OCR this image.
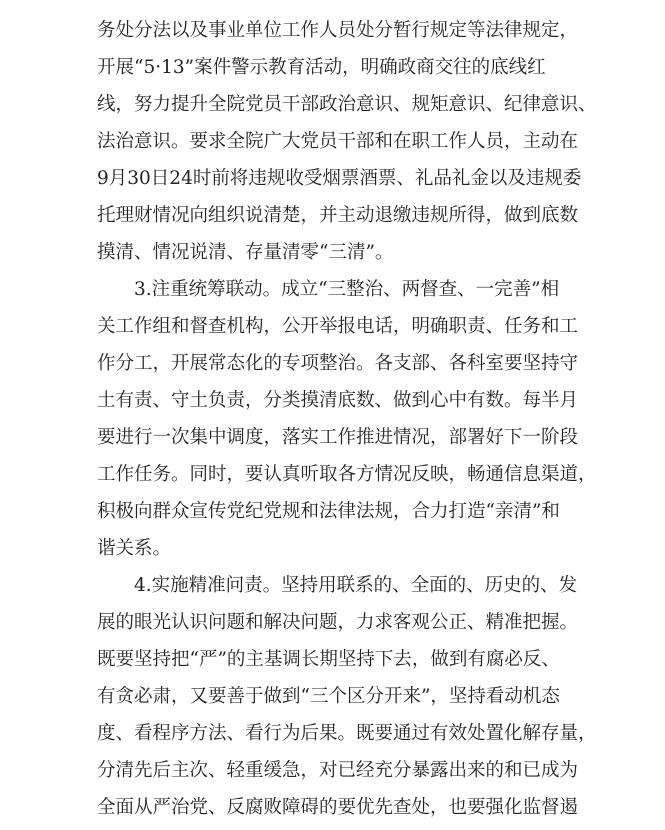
务处分法以及事业单位工作人员处分暂行规定等法律规定，
开展“5·13”案件警示教育活动，明确政商交往的底线红
线，努力提升全院党员干部政治意识、规矩意识、纪律意识、
法治意识。要求全院广大党员干部和在职工作人员，主动在
9月30日24时前将违规收受烟票酒票、礼品礼金以及违规委
托理财情况向组织说清楚，并主动退缴违规所得，做到底数
摸清、情况说清、存量清零“三清”。
3.注重统筹联动。成立“三整治、两督查、一完善”相
关工作组和督查机构，公开举报电话，明确职责、任务和工
作分工，开展常态化的专项整治。各支部、各科室要坚持守
土有责、守土负责，分类摸清底数、做到心中有数。每半月
要进行一次集中调度，落实工作推进情况，部署好下一阶段
工作任务。同时，要认真听取各方情况反映，畅通信息渠道，
积极向群众宣传党纪党规和法律法规，合力打造“亲清”和
谐关系。
4.实施精准问责。坚持用联系的、全面的、历史的、发
展的眼光认识问题和解决问题，力求客观公正、精准把握。
既要坚持把“严”的主基调长期坚持下去，做到有腐必反、
有贪必肃，又要善于做到“三个区分开来”，坚持看动机态
度、看程序方法、看行为后果。既要通过有效处置化解存量，
分清先后主次、轻重缓急，对已经充分暴露出来的和已成为
全面从严治党、反腐败障碍的要优先查处，也要强化监督遏
